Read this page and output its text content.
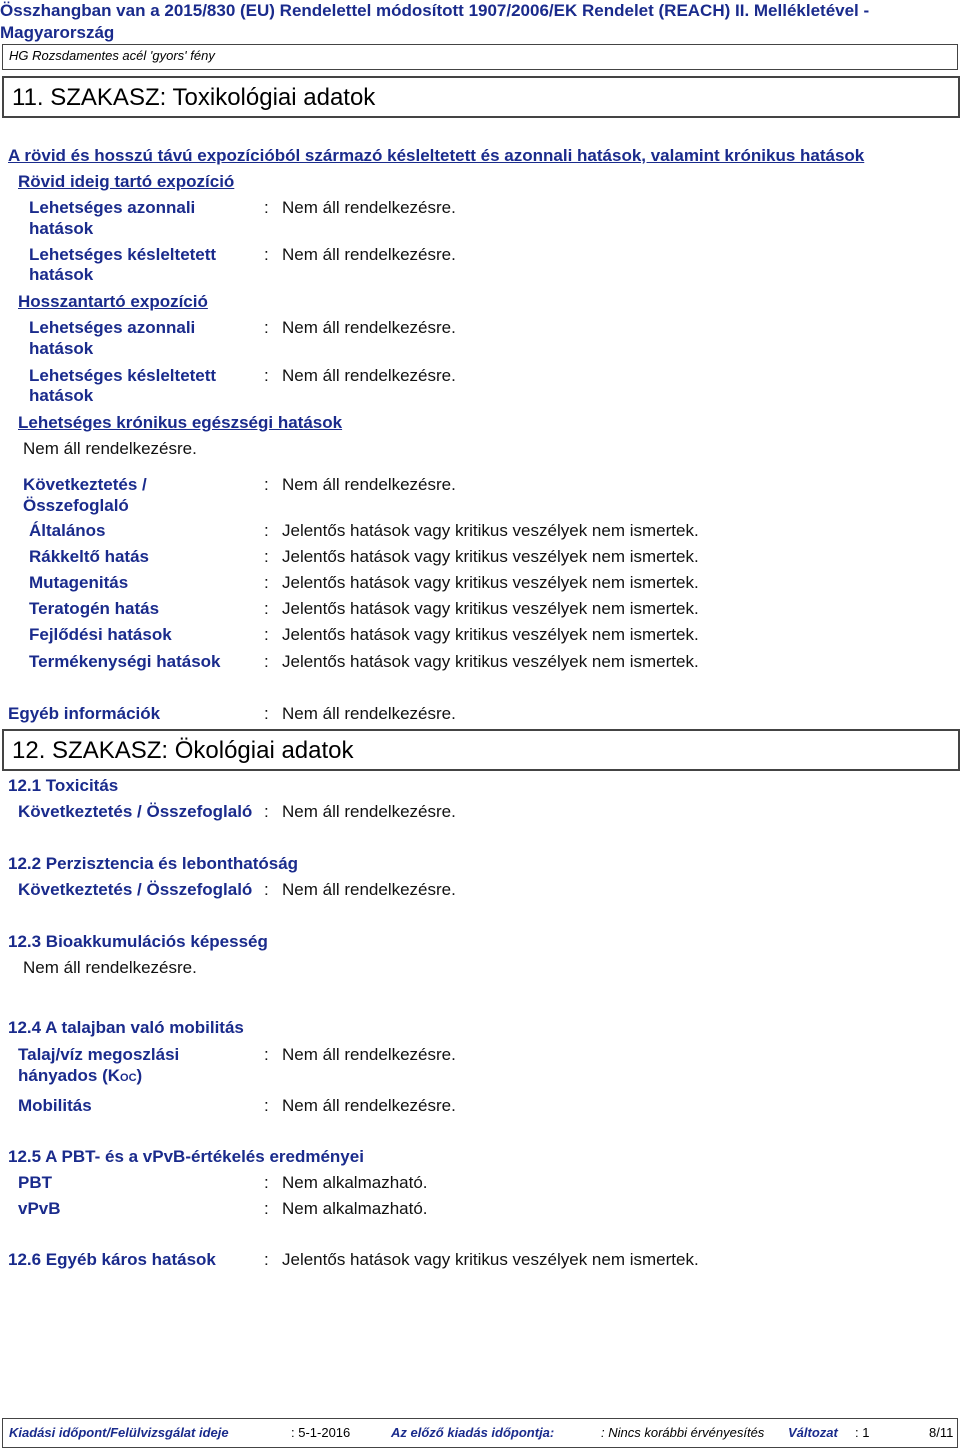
Összhangban van a 2015/830 (EU) Rendelettel módosított 1907/2006/EK Rendelet (REACH) II. Mellékletével - Magyarország
HG Rozsdamentes acél 'gyors' fény
11. SZAKASZ: Toxikológiai adatok
A rövid és hosszú távú expozícióból származó késleltetett és azonnali hatások, valamint krónikus hatások
Rövid ideig tartó expozíció
Lehetséges azonnali
hatások
: Nem áll rendelkezésre.
Lehetséges késleltetett
hatások
: Nem áll rendelkezésre.
Hosszantartó expozíció
Lehetséges azonnali
hatások
: Nem áll rendelkezésre.
Lehetséges késleltetett
hatások
: Nem áll rendelkezésre.
Lehetséges krónikus egészségi hatások
Nem áll rendelkezésre.
Következtetés /
Összefoglaló
: Nem áll rendelkezésre.
Általános	: Jelentős hatások vagy kritikus veszélyek nem ismertek.
Rákkeltő hatás	: Jelentős hatások vagy kritikus veszélyek nem ismertek.
Mutagenitás	: Jelentős hatások vagy kritikus veszélyek nem ismertek.
Teratogén hatás	: Jelentős hatások vagy kritikus veszélyek nem ismertek.
Fejlődési hatások	: Jelentős hatások vagy kritikus veszélyek nem ismertek.
Termékenységi hatások	: Jelentős hatások vagy kritikus veszélyek nem ismertek.
Egyéb információk	: Nem áll rendelkezésre.
12. SZAKASZ: Ökológiai adatok
12.1 Toxicitás
Következtetés / Összefoglaló : Nem áll rendelkezésre.
12.2 Perzisztencia és lebonthatóság
Következtetés / Összefoglaló : Nem áll rendelkezésre.
12.3 Bioakkumulációs képesség
Nem áll rendelkezésre.
12.4 A talajban való mobilitás
Talaj/víz megoszlási
hányados (KOC)
: Nem áll rendelkezésre.
Mobilitás	: Nem áll rendelkezésre.
12.5 A PBT- és a vPvB-értékelés eredményei
PBT	: Nem alkalmazható.
vPvB	: Nem alkalmazható.
12.6 Egyéb káros hatások	: Jelentős hatások vagy kritikus veszélyek nem ismertek.
Kiadási időpont/Felülvizsgálat ideje	: 5-1-2016	Az előző kiadás időpontja:	: Nincs korábbi érvényesítés Változat : 1	8/11
